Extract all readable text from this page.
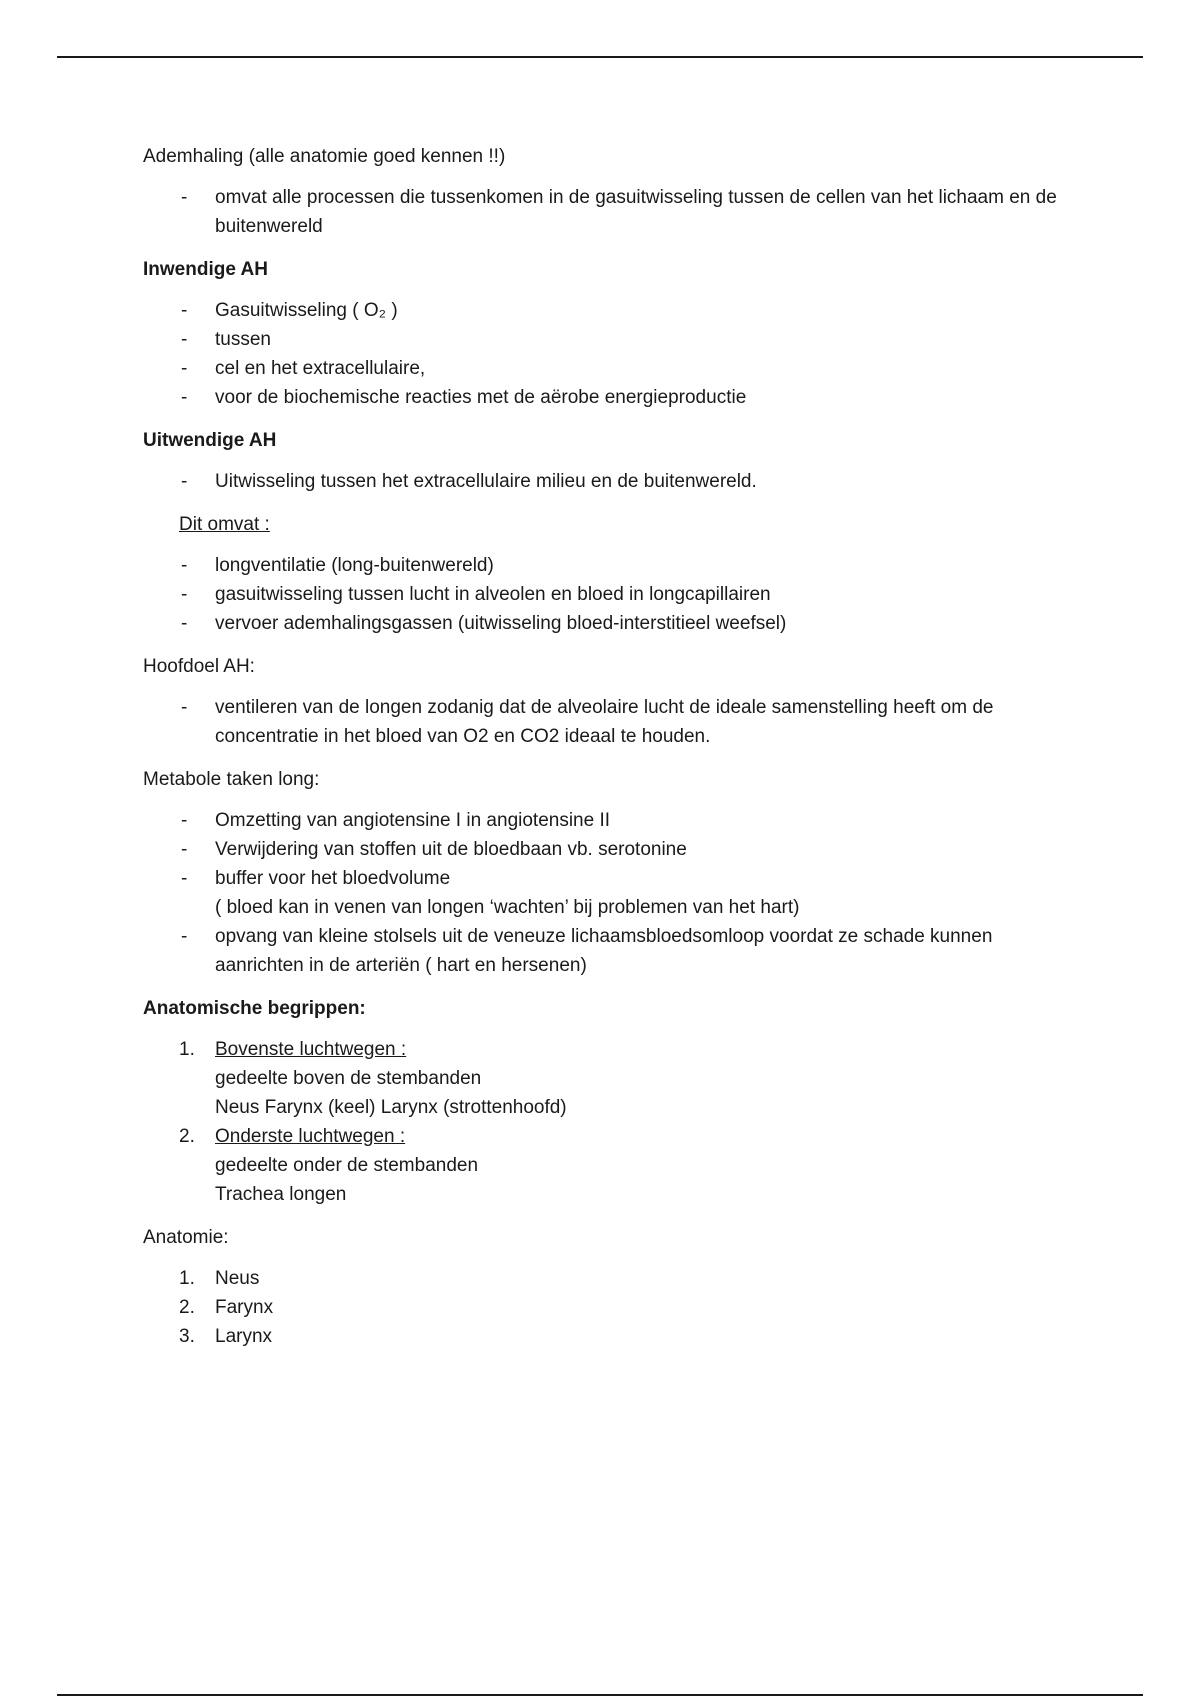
Ademhaling (alle anatomie goed kennen !!)

- omvat alle processen die tussenkomen in de gasuitwisseling tussen de cellen van het lichaam en de buitenwereld

Inwendige AH

- Gasuitwisseling ( O₂ )
- tussen
- cel en het extracellulaire,
- voor de biochemische reacties met de aërobe energieproductie

Uitwendige AH

- Uitwisseling tussen het extracellulaire milieu en de buitenwereld.

Dit omvat :

- longventilatie (long-buitenwereld)
- gasuitwisseling tussen lucht in alveolen en bloed in longcapillairen
- vervoer ademhalingsgassen (uitwisseling bloed-interstitieel weefsel)

Hoofdoel AH:

- ventileren van de longen zodanig dat de alveolaire lucht de ideale samenstelling heeft om de concentratie in het bloed van O2 en CO2 ideaal te houden.

Metabole taken long:

- Omzetting van angiotensine I in angiotensine II
- Verwijdering van stoffen uit de bloedbaan vb. serotonine
- buffer voor het bloedvolume
( bloed kan in venen van longen ‘wachten’ bij problemen van het hart)
- opvang van kleine stolsels uit de veneuze lichaamsbloedsomloop voordat ze schade kunnen aanrichten in de arteriën ( hart en hersenen)

Anatomische begrippen:

1. Bovenste luchtwegen :
gedeelte boven de stembanden
Neus Farynx (keel) Larynx (strottenhoofd)
2. Onderste luchtwegen :
gedeelte onder de stembanden
Trachea longen

Anatomie:

1. Neus
2. Farynx
3. Larynx
